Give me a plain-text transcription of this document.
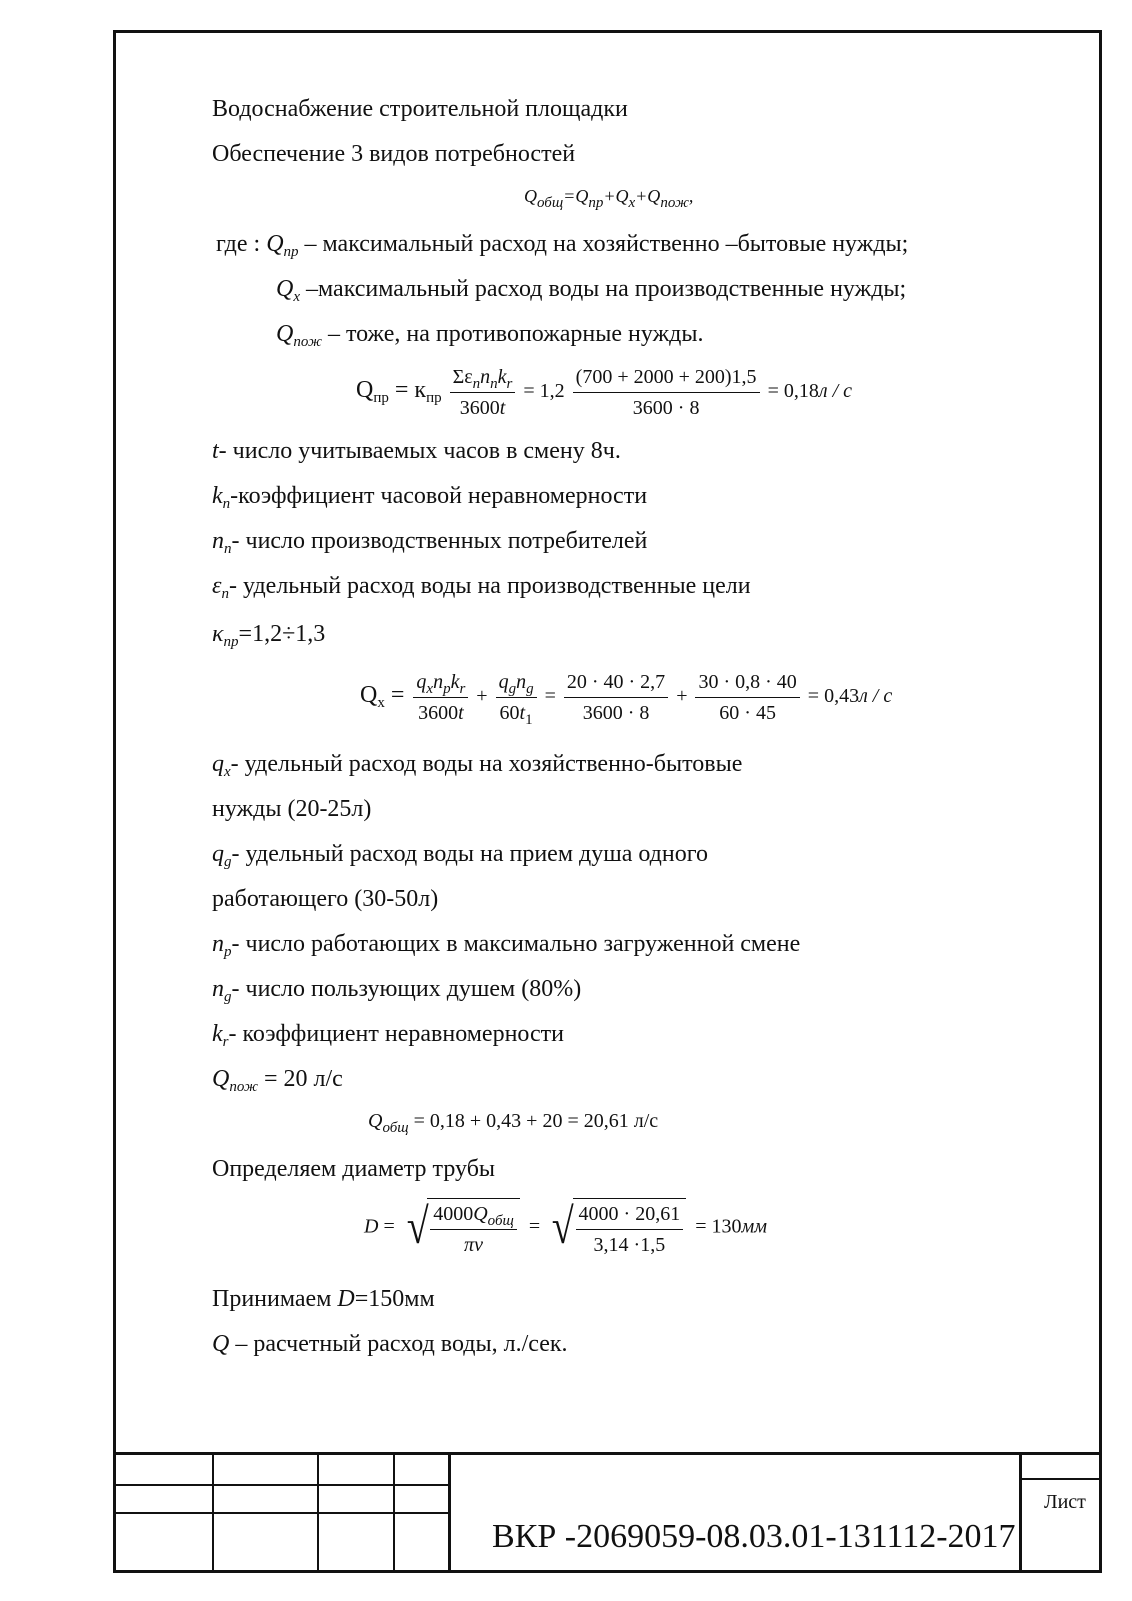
Водоснабжение строительной площадки
Обеспечение 3 видов потребностей
$Q_{общ}=Q_{пр}+Q_х+Q_{пож}$,
где : $Q_{пр}$ – максимальный расход на хозяйственно –бытовые нужды;
$Q_х$ –максимальный расход воды на производственные нужды;
$Q_{пож}$ – тоже, на противопожарные нужды.
$Q_{пр} = к_{пр} \frac{\Sigma\varepsilon_nn_nk_r}{3600t} = 1,2 \frac{(700 + 2000 + 200)1,5}{3600 \cdot 8} = 0,18л / с$
t- число учитываемых часов в смену 8ч.
$k_n$-коэффициент часовой неравномерности
$n_n-$ число производственных потребителей
$\varepsilon_n-$ удельный расход воды на производственные цели
$\kappa_{пр}=1,2\div 1,3$
$Q_х = \frac{q_xn_pk_r}{3600t} + \frac{q_gn_g}{60t_1} = \frac{20 \cdot 40 \cdot 2,7}{3600 \cdot 8} + \frac{30 \cdot 0,8 \cdot 40}{60 \cdot 45} = 0,43л / с$
$q_x-$ удельный расход воды на хозяйственно-бытовые
нужды (20-25л)
$q_g-$ удельный расход воды на прием душа одного
работающего (30-50л)
$n_p-$ число работающих в максимально загруженной смене
$n_g-$ число пользующих душем (80%)
$k_r-$ коэффициент неравномерности
$Q_{пож} = 20$ л/с
$Q_{общ} = 0,18 + 0,43 + 20 = 20,61$ л/с
Определяем диаметр трубы
D = √ $\frac{4000Q_{общ}}{\pi v}$ = √ $\frac{4000 \cdot 20,61}{3,14 \cdot 1,5} = 130мм$
Принимаем D=150мм
Q – расчетный расход воды, л./сек.
ВКР -2069059-08.03.01-131112-2017
Лист
